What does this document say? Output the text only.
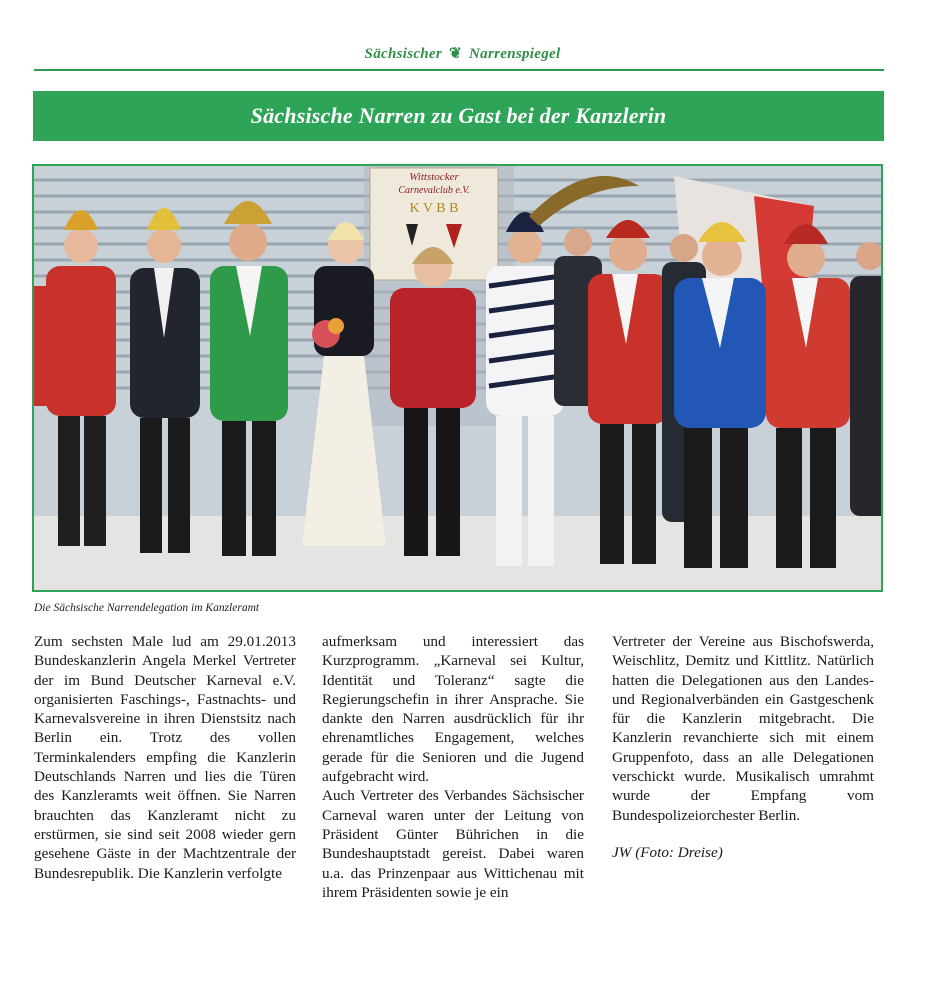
Sächsischer ❦ Narrenspiegel
Sächsische Narren zu Gast bei der Kanzlerin
Wittstocker
Carnevalclub e.V.
K V B B
Die Sächsische Narrendelegation im Kanzleramt

Zum sechsten Male lud am 29.01.2013 Bundeskanzlerin Angela Merkel Vertreter der im Bund Deutscher Karneval e.V. organisierten Faschings-, Fastnachts- und Karnevalsvereine in ihren Dienstsitz nach Berlin ein. Trotz des vollen Terminkalenders empfing die Kanzlerin Deutschlands Narren und lies die Türen des Kanzleramts weit öffnen. Sie Narren brauchten das Kanzleramt nicht zu erstürmen, sie sind seit 2008 wieder gern gesehene Gäste in der Machtzentrale der Bundesrepublik. Die Kanzlerin verfolgte

aufmerksam und interessiert das Kurzprogramm. „Karneval sei Kultur, Identität und Toleranz“ sagte die Regierungschefin in ihrer Ansprache. Sie dankte den Narren ausdrücklich für ihr ehrenamtliches Engagement, welches gerade für die Senioren und die Jugend aufgebracht wird.

Auch Vertreter des Verbandes Sächsischer Carneval waren unter der Leitung von Präsident Günter Bührichen in die Bundeshauptstadt gereist. Dabei waren u.a. das Prinzenpaar aus Wittichenau mit ihrem Präsidenten sowie je ein

Vertreter der Vereine aus Bischofswerda, Weischlitz, Demitz und Kittlitz. Natürlich hatten die Delegationen aus den Landes- und Regionalverbänden ein Gastgeschenk für die Kanzlerin mitgebracht. Die Kanzlerin revanchierte sich mit einem Gruppenfoto, dass an alle Delegationen verschickt wurde. Musikalisch umrahmt wurde der Empfang vom Bundespolizeiorchester Berlin.

JW (Foto: Dreise)
